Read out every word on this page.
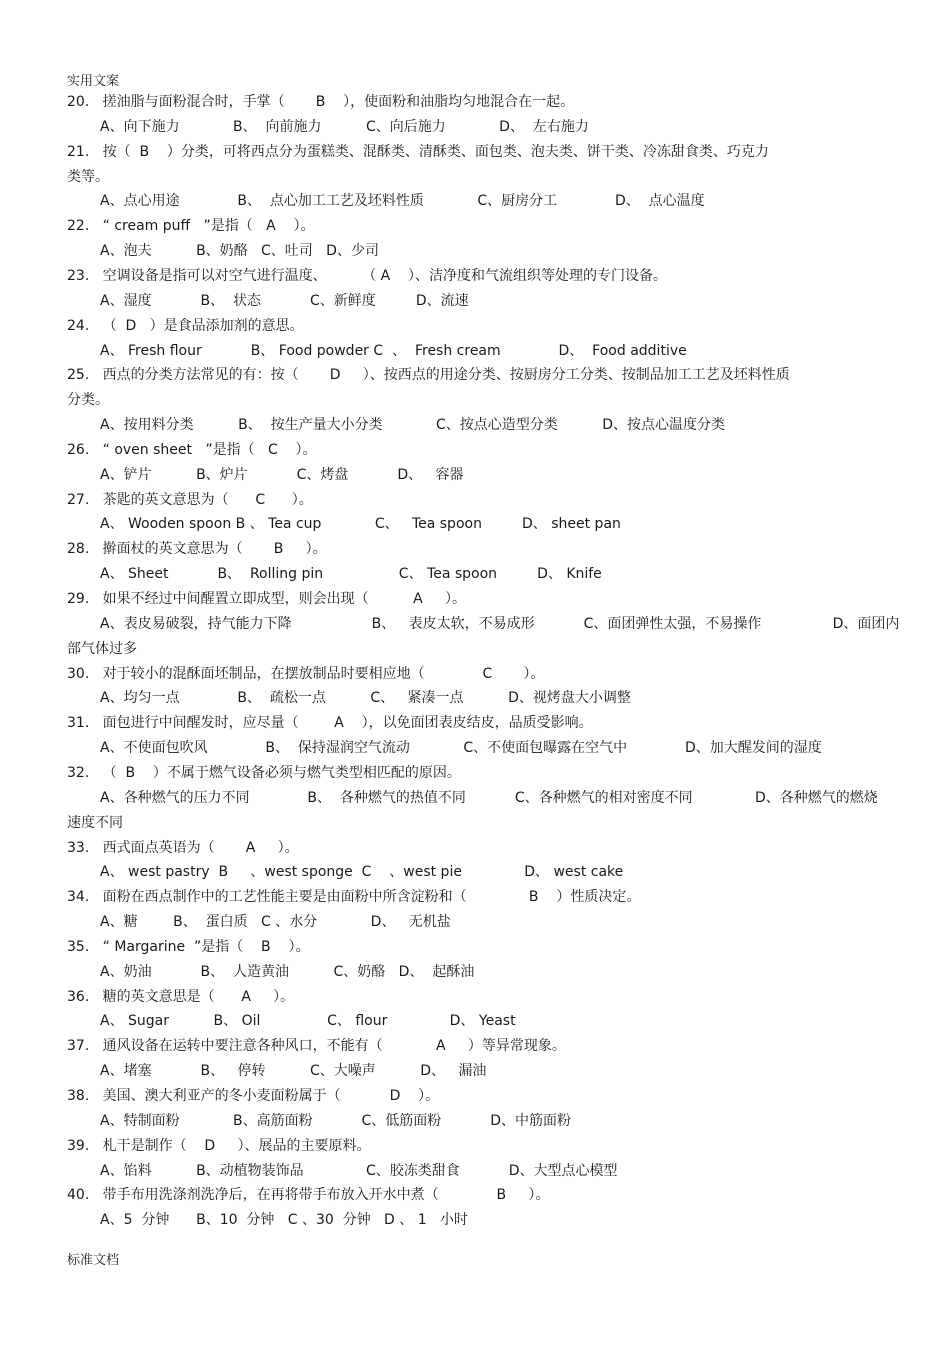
实用文案
20.   搓油脂与面粉混合时，手掌（       B    ），使面粉和油脂均匀地混合在一起。
A、向下施力            B、  向前施力          C、向后施力            D、  左右施力
21.   按（  B    ）分类，可将西点分为蛋糕类、混酥类、清酥类、面包类、泡夫类、饼干类、冷冻甜食类、巧克力
类等。
A、点心用途             B、  点心加工工艺及坯料性质            C、厨房分工             D、  点心温度
22.   “ cream puff   ”是指（   A    ）。
A、泡夫          B、奶酪   C、吐司   D、少司
23.   空调设备是指可以对空气进行温度、        （ A    ）、洁净度和气流组织等处理的专门设备。
A、湿度           B、  状态           C、新鲜度         D、流速
24.   （  D   ）是食品添加剂的意思。
A、 Fresh flour           B、 Food powder C  、  Fresh cream             D、  Food additive
25.   西点的分类方法常见的有：按（       D     ）、按西点的用途分类、按厨房分工分类、按制品加工工艺及坯料性质
分类。
A、按用料分类          B、  按生产量大小分类            C、按点心造型分类          D、按点心温度分类
26.   “ oven sheet   ”是指（   C    ）。
A、铲片          B、炉片           C、烤盘           D、   容器
27.   茶匙的英文意思为（      C      ）。
A、 Wooden spoon B 、 Tea cup            C、   Tea spoon         D、 sheet pan
28.   擀面杖的英文意思为（       B     ）。
A、 Sheet           B、  Rolling pin                 C、 Tea spoon         D、 Knife
29.   如果不经过中间醒置立即成型，则会出现（          A     ）。
A、表皮易破裂，持气能力下降                  B、   表皮太软，不易成形           C、面团弹性太强，不易操作                D、面团内
部气体过多
30.   对于较小的混酥面坯制品，在摆放制品时要相应地（             C       ）。
A、均匀一点             B、  疏松一点          C、   紧凑一点          D、视烤盘大小调整
31.   面包进行中间醒发时，应尽量（        A    ），以免面团表皮结皮，品质受影响。
A、不使面包吹风             B、  保持湿润空气流动            C、不使面包曝露在空气中             D、加大醒发间的湿度
32.   （  B    ）不属于燃气设备必须与燃气类型相匹配的原因。
A、各种燃气的压力不同             B、  各种燃气的热值不同           C、各种燃气的相对密度不同              D、各种燃气的燃烧
速度不同
33.   西式面点英语为（       A     ）。
A、 west pastry  B     、west sponge  C    、west pie              D、 west cake
34.   面粉在西点制作中的工艺性能主要是由面粉中所含淀粉和（              B    ）性质决定。
A、糖        B、  蛋白质   C 、水分            D、   无机盐
35.   “ Margarine  ”是指（    B    ）。
A、奶油           B、  人造黄油          C、奶酪   D、  起酥油
36.   糖的英文意思是（      A     ）。
A、 Sugar          B、 Oil               C、 flour              D、 Yeast
37.   通风设备在运转中要注意各种风口，不能有（            A     ）等异常现象。
A、堵塞           B、   停转          C、大噪声          D、   漏油
38.   美国、澳大利亚产的冬小麦面粉属于（           D    ）。
A、特制面粉            B、高筋面粉           C、低筋面粉           D、中筋面粉
39.   札干是制作（    D     ）、展品的主要原料。
A、馅料          B、动植物装饰品              C、胶冻类甜食           D、大型点心模型
40.   带手布用洗涤剂洗净后，在再将带手布放入开水中煮（             B     ）。
A、5  分钟      B、10  分钟   C 、30  分钟   D 、 1   小时
标准文档
